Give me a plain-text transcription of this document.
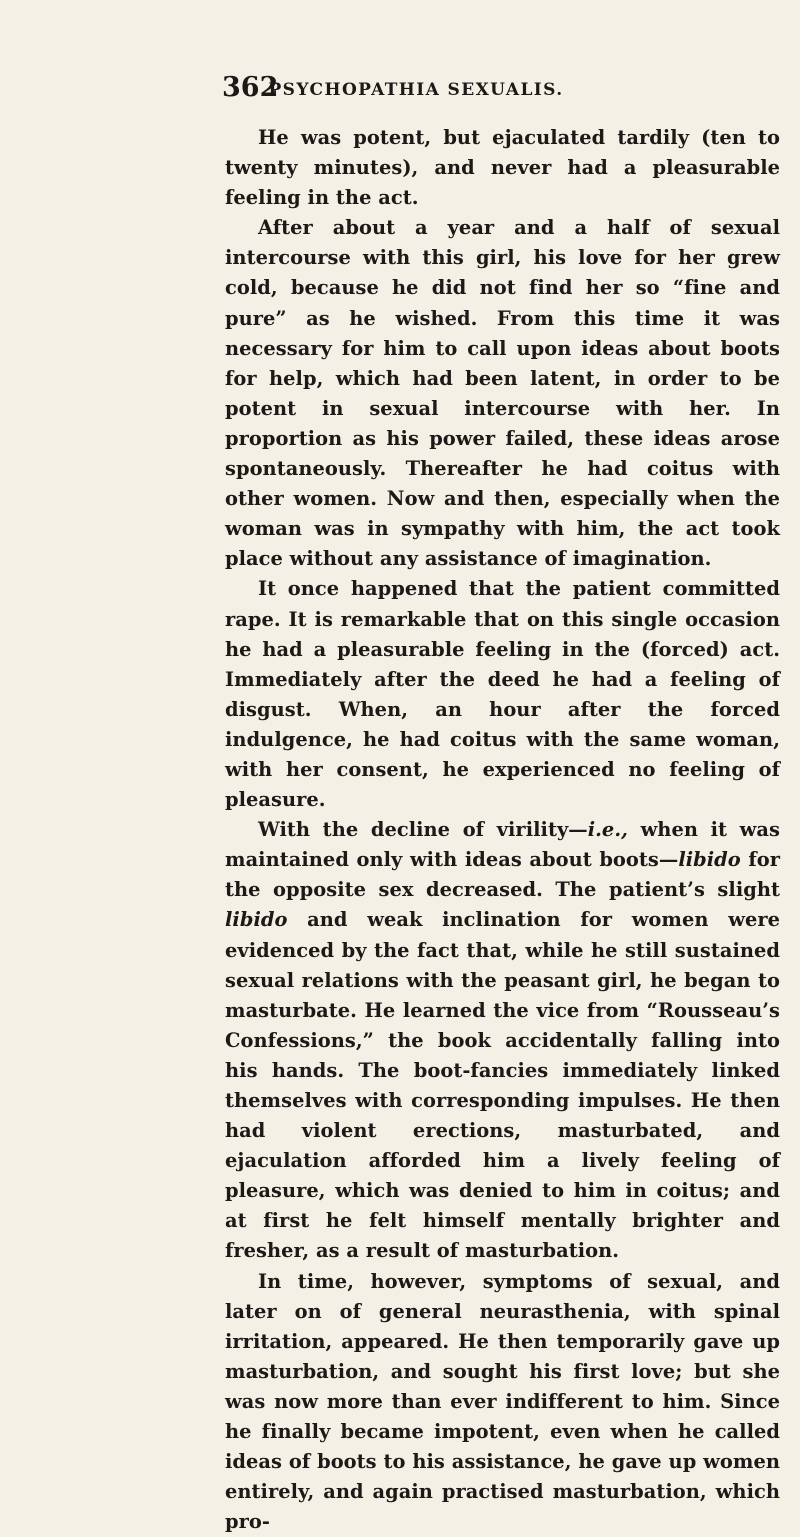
362
PSYCHOPATHIA SEXUALIS.

He was potent, but ejaculated tardily (ten to twenty minutes), and never had a pleasurable feeling in the act.

After about a year and a half of sexual intercourse with this girl, his love for her grew cold, because he did not find her so “fine and pure” as he wished. From this time it was necessary for him to call upon ideas about boots for help, which had been latent, in order to be potent in sexual intercourse with her. In proportion as his power failed, these ideas arose spontaneously. Thereafter he had coitus with other women. Now and then, especially when the woman was in sympathy with him, the act took place without any assistance of imagination.

It once happened that the patient committed rape. It is remarkable that on this single occasion he had a pleasurable feeling in the (forced) act. Immediately after the deed he had a feeling of disgust. When, an hour after the forced indulgence, he had coitus with the same woman, with her consent, he experienced no feeling of pleasure.

With the decline of virility—i.e., when it was maintained only with ideas about boots—libido for the opposite sex decreased. The patient’s slight libido and weak inclination for women were evidenced by the fact that, while he still sustained sexual relations with the peasant girl, he began to masturbate. He learned the vice from “Rousseau’s Confessions,” the book accidentally falling into his hands. The boot-fancies immediately linked themselves with corresponding impulses. He then had violent erections, masturbated, and ejaculation afforded him a lively feeling of pleasure, which was denied to him in coitus; and at first he felt himself mentally brighter and fresher, as a result of masturbation.

In time, however, symptoms of sexual, and later on of general neurasthenia, with spinal irritation, appeared. He then temporarily gave up masturbation, and sought his first love; but she was now more than ever indifferent to him. Since he finally became impotent, even when he called ideas of boots to his assistance, he gave up women entirely, and again practised masturbation, which pro-
